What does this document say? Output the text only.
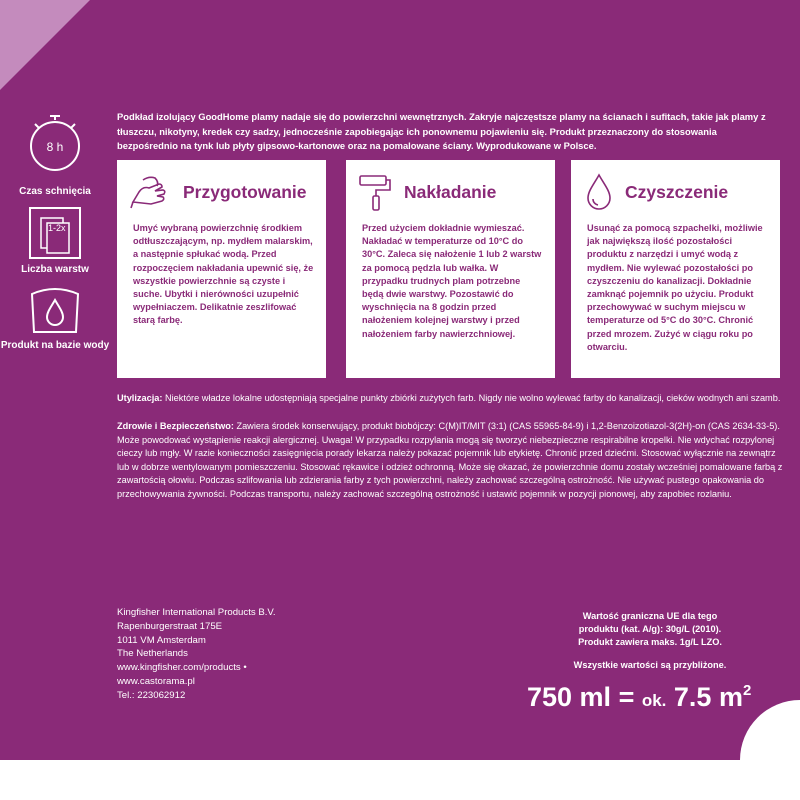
8 h
Czas schnięcia
1-2x
Liczba warstw
Produkt na bazie wody
Podkład izolujący GoodHome plamy nadaje się do powierzchni wewnętrznych. Zakryje najczęstsze plamy na ścianach i sufitach, takie jak plamy z tłuszczu, nikotyny, kredek czy sadzy, jednocześnie zapobiegając ich ponownemu pojawieniu się. Produkt przeznaczony do stosowania bezpośrednio na tynk lub płyty gipsowo-kartonowe oraz na pomalowane ściany. Wyprodukowane w Polsce.
Przygotowanie
Umyć wybraną powierzchnię środkiem odtłuszczającym, np. mydłem malarskim, a następnie spłukać wodą. Przed rozpoczęciem nakładania upewnić się, że wszystkie powierzchnie są czyste i suche. Ubytki i nierówności uzupełnić wypełniaczem. Delikatnie zeszlifować starą farbę.
Nakładanie
Przed użyciem dokładnie wymieszać. Nakładać w temperaturze od 10°C do 30°C. Zaleca się nałożenie 1 lub 2 warstw za pomocą pędzla lub wałka. W przypadku trudnych plam potrzebne będą dwie warstwy. Pozostawić do wyschnięcia na 8 godzin przed nałożeniem kolejnej warstwy i przed nałożeniem farby nawierzchniowej.
Czyszczenie
Usunąć za pomocą szpachelki, możliwie jak największą ilość pozostałości produktu z narzędzi i umyć wodą z mydłem. Nie wylewać pozostałości po czyszczeniu do kanalizacji. Dokładnie zamknąć pojemnik po użyciu. Produkt przechowywać w suchym miejscu w temperaturze od 5°C do 30°C. Chronić przed mrozem. Zużyć w ciągu roku po otwarciu.
Utylizacja: Niektóre władze lokalne udostępniają specjalne punkty zbiórki zużytych farb. Nigdy nie wolno wylewać farby do kanalizacji, cieków wodnych ani szamb.
Zdrowie i Bezpieczeństwo: Zawiera środek konserwujący, produkt biobójczy: C(M)IT/MIT (3:1) (CAS 55965-84-9) i 1,2-Benzoizotiazol-3(2H)-on (CAS 2634-33-5). Może powodować wystąpienie reakcji alergicznej. Uwaga! W przypadku rozpylania mogą się tworzyć niebezpieczne respirabilne kropelki. Nie wdychać rozpylonej cieczy lub mgły. W razie konieczności zasięgnięcia porady lekarza należy pokazać pojemnik lub etykietę. Chronić przed dziećmi. Stosować wyłącznie na zewnątrz lub w dobrze wentylowanym pomieszczeniu. Stosować rękawice i odzież ochronną. Może się okazać, że powierzchnie domu zostały wcześniej pomalowane farbą z zawartością ołowiu. Podczas szlifowania lub zdzierania farby z tych powierzchni, należy zachować szczególną ostrożność. Nie używać pustego opakowania do przechowywania żywności. Podczas transportu, należy zachować szczególną ostrożność i ustawić pojemnik w pozycji pionowej, aby zapobiec rozlaniu.
Kingfisher International Products B.V.
Rapenburgerstraat 175E
1011 VM Amsterdam
The Netherlands
www.kingfisher.com/products •
www.castorama.pl
Tel.: 223062912
Wartość graniczna UE dla tego
produktu (kat. A/g): 30g/L (2010).
Produkt zawiera maks. 1g/L LZO.
Wszystkie wartości są przybliżone.
750 ml = ok. 7.5 $m^2$
